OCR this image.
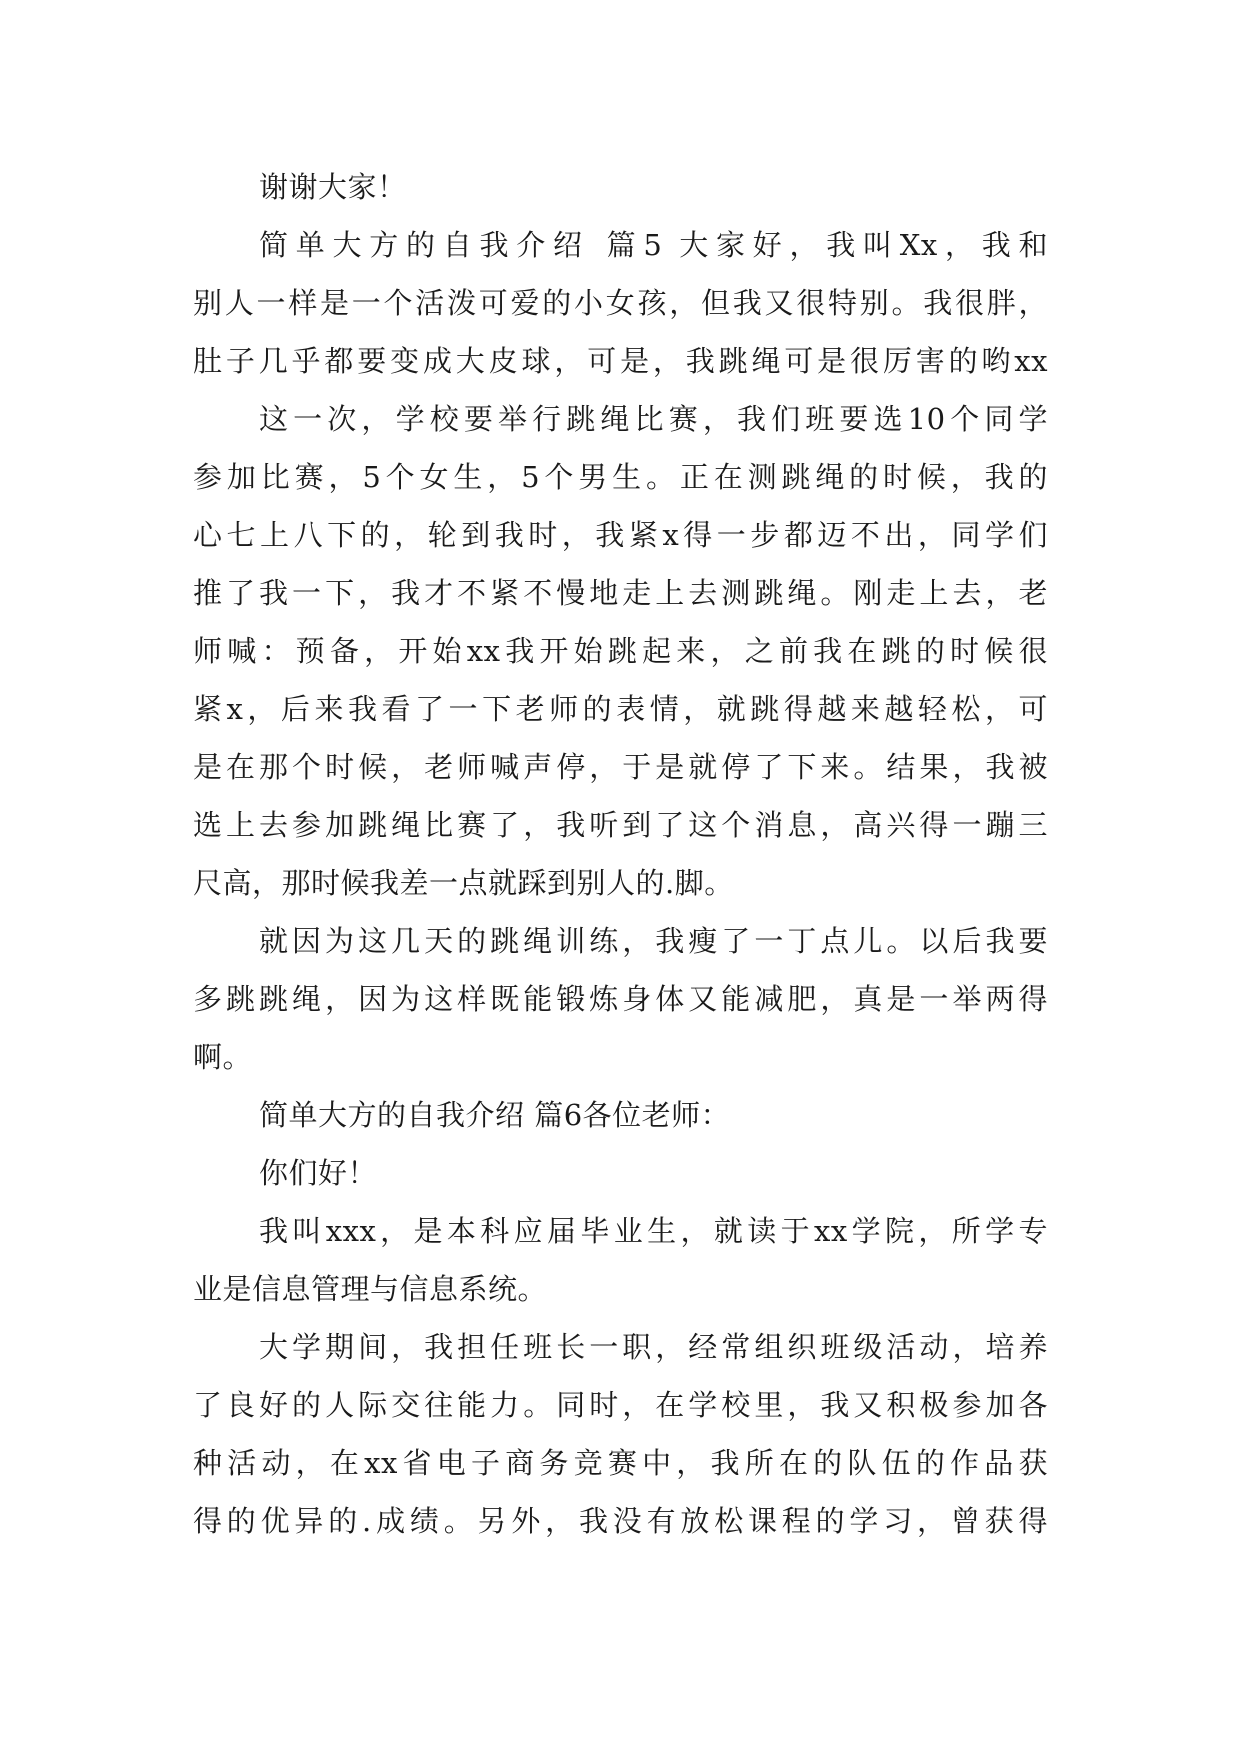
谢谢大家！
简单大方的自我介绍 篇5 大家好，我叫Xx，我和
别人一样是一个活泼可爱的小女孩，但我又很特别。我很胖，
肚子几乎都要变成大皮球，可是，我跳绳可是很厉害的哟xx
这一次，学校要举行跳绳比赛，我们班要选10个同学
参加比赛，5个女生，5个男生。正在测跳绳的时候，我的
心七上八下的，轮到我时，我紧x得一步都迈不出，同学们
推了我一下，我才不紧不慢地走上去测跳绳。刚走上去，老
师喊：预备，开始xx我开始跳起来，之前我在跳的时候很
紧x，后来我看了一下老师的表情，就跳得越来越轻松，可
是在那个时候，老师喊声停，于是就停了下来。结果，我被
选上去参加跳绳比赛了，我听到了这个消息，高兴得一蹦三
尺高，那时候我差一点就踩到别人的.脚。
就因为这几天的跳绳训练，我瘦了一丁点儿。以后我要
多跳跳绳，因为这样既能锻炼身体又能减肥，真是一举两得
啊。
简单大方的自我介绍 篇6各位老师：
你们好！
我叫xxx，是本科应届毕业生，就读于xx学院，所学专
业是信息管理与信息系统。
大学期间，我担任班长一职，经常组织班级活动，培养
了良好的人际交往能力。同时，在学校里，我又积极参加各
种活动，在xx省电子商务竞赛中，我所在的队伍的作品获
得的优异的.成绩。另外，我没有放松课程的学习，曾获得
